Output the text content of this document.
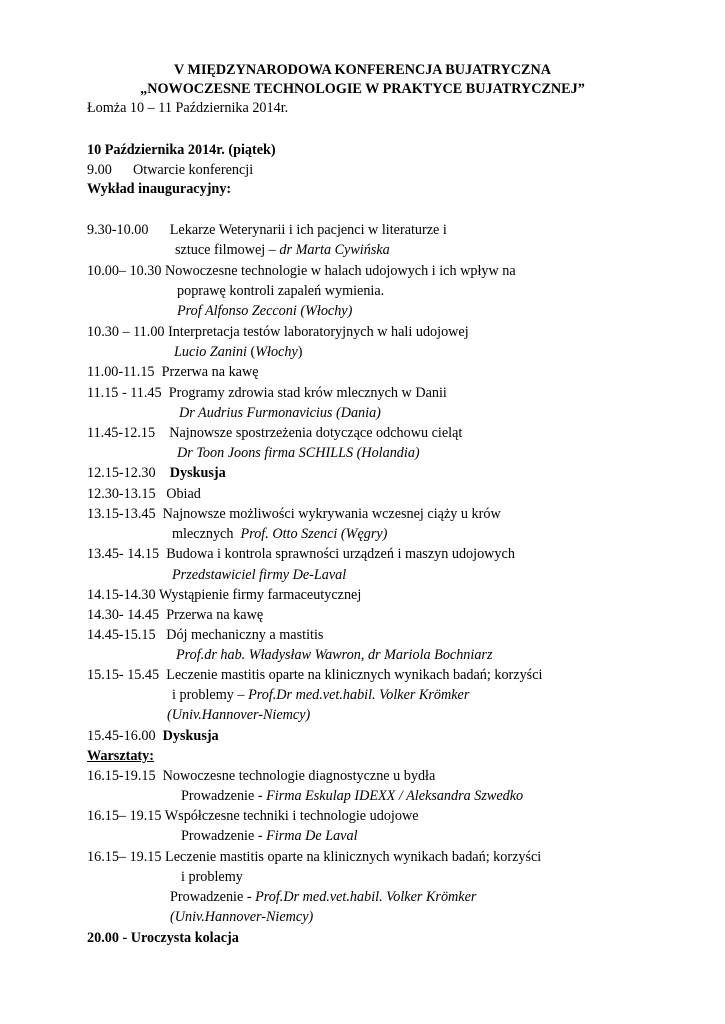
V MIĘDZYNARODOWA KONFERENCJA BUJATRYCZNA
„NOWOCZESNE TECHNOLOGIE W PRAKTYCE BUJATRYCZNEJ”
Łomża 10 – 11 Października 2014r.
10 Października 2014r. (piątek)
9.00 Otwarcie konferencji
Wykład inauguracyjny:
9.30-10.00 Lekarze Weterynarii i ich pacjenci w literaturze i
sztuce filmowej – dr Marta Cywińska
10.00– 10.30 Nowoczesne technologie w halach udojowych i ich wpływ na
poprawę kontroli zapaleń wymienia.
Prof Alfonso Zecconi (Włochy)
10.30 – 11.00 Interpretacja testów laboratoryjnych w hali udojowej
Lucio Zanini (Włochy)
11.00-11.15 Przerwa na kawę
11.15 - 11.45 Programy zdrowia stad krów mlecznych w Danii
Dr Audrius Furmonavicius (Dania)
11.45-12.15 Najnowsze spostrzeżenia dotyczące odchowu cieląt
Dr Toon Joons firma SCHILLS (Holandia)
12.15-12.30 Dyskusja
12.30-13.15 Obiad
13.15-13.45 Najnowsze możliwości wykrywania wczesnej ciąży u krów
mlecznych  Prof. Otto Szenci (Węgry)
13.45- 14.15 Budowa i kontrola sprawności urządzeń i maszyn udojowych
Przedstawiciel firmy De-Laval
14.15-14.30 Wystąpienie firmy farmaceutycznej
14.30- 14.45 Przerwa na kawę
14.45-15.15 Dój mechaniczny a mastitis
Prof.dr hab. Władysław Wawron, dr Mariola Bochniarz
15.15- 15.45 Leczenie mastitis oparte na klinicznych wynikach badań; korzyści
i problemy – Prof.Dr med.vet.habil. Volker Krömker
(Univ.Hannover-Niemcy)
15.45-16.00 Dyskusja
Warsztaty:
16.15-19.15 Nowoczesne technologie diagnostyczne u bydła
Prowadzenie - Firma Eskulap IDEXX / Aleksandra Szwedko
16.15– 19.15 Współczesne techniki i technologie udojowe
Prowadzenie - Firma De Laval
16.15– 19.15 Leczenie mastitis oparte na klinicznych wynikach badań; korzyści
i problemy
Prowadzenie - Prof.Dr med.vet.habil. Volker Krömker
(Univ.Hannover-Niemcy)
20.00 - Uroczysta kolacja
